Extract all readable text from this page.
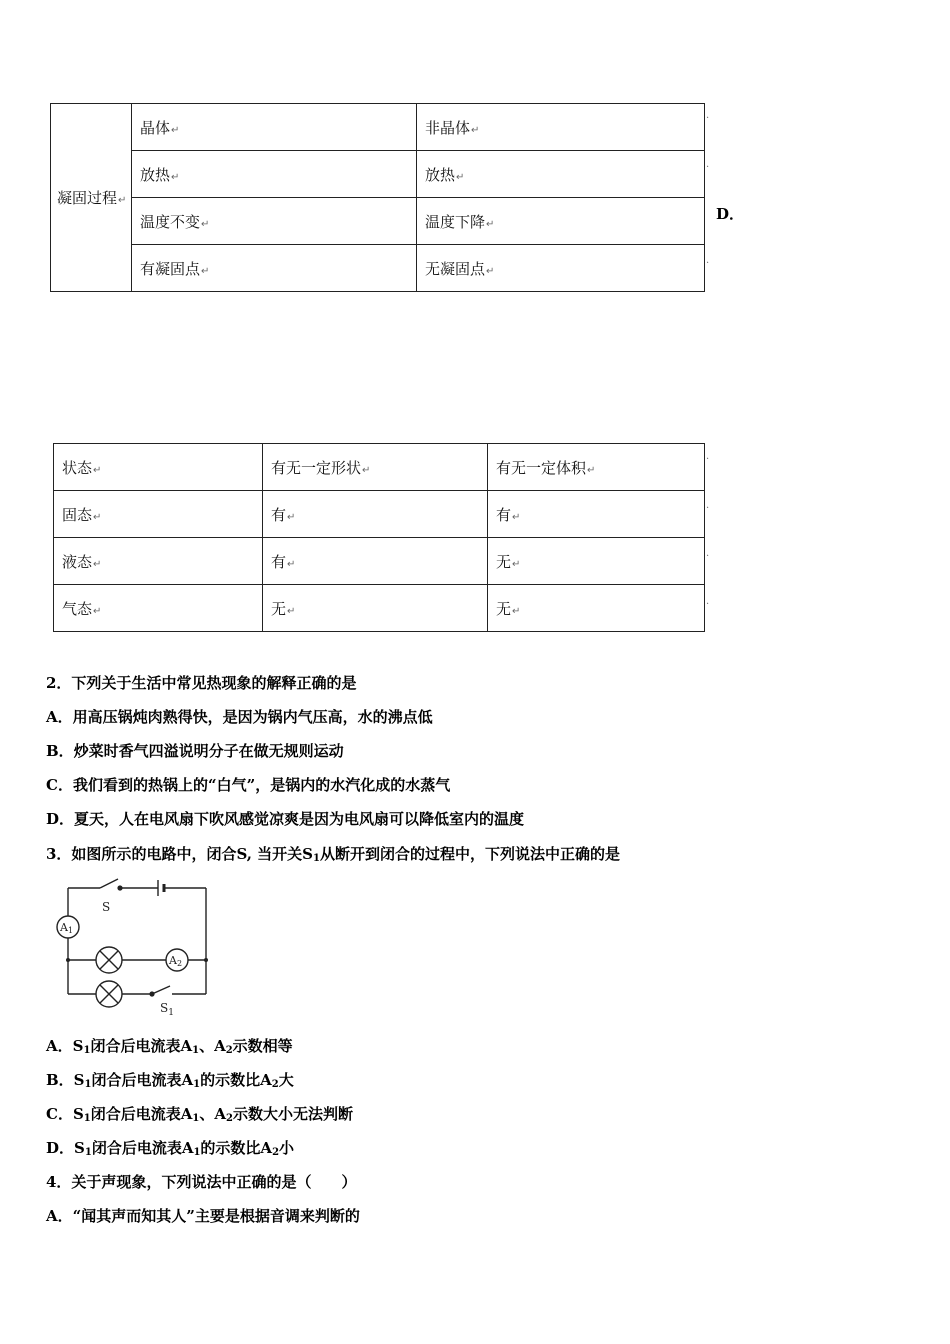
凝固过程↵	晶体↵	非晶体↵
	放热↵	放热↵
	温度不变↵	温度下降↵
	有凝固点↵	无凝固点↵
D．
·
·
·
状态↵	有无一定形状↵	有无一定体积↵
固态↵	有↵	有↵
液态↵	有↵	无↵
气态↵	无↵	无↵
·
·
·
·
2．下列关于生活中常见热现象的解释正确的是
A．用高压锅炖肉熟得快，是因为锅内气压高，水的沸点低
B．炒菜时香气四溢说明分子在做无规则运动
C．我们看到的热锅上的“白气”，是锅内的水汽化成的水蒸气
D．夏天，人在电风扇下吹风感觉凉爽是因为电风扇可以降低室内的温度
3．如图所示的电路中，闭合S, 当开关$S_1$从断开到闭合的过程中，下列说法中正确的是
S
$S_1$
A1
A2
A．$S_1$闭合后电流表$A_1$、$A_2$示数相等
B．$S_1$闭合后电流表$A_1$的示数比$A_2$大
C．$S_1$闭合后电流表$A_1$、$A_2$示数大小无法判断
D．$S_1$闭合后电流表$A_1$的示数比$A_2$小
4．关于声现象，下列说法中正确的是（　　）
A．“闻其声而知其人”主要是根据音调来判断的
